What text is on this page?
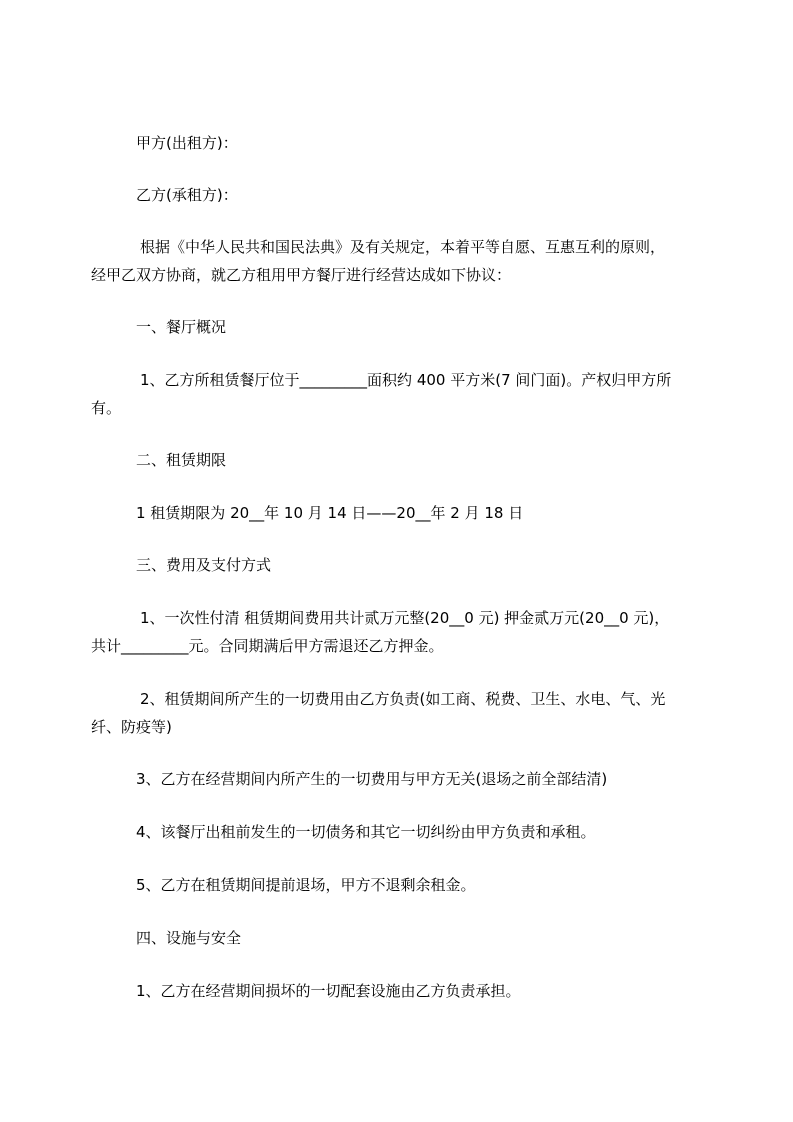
甲方(出租方)：

乙方(承租方)：

根据《中华人民共和国民法典》及有关规定，本着平等自愿、互惠互利的原则，

经甲乙双方协商，就乙方租用甲方餐厅进行经营达成如下协议：

一、餐厅概况

1、乙方所租赁餐厅位于_________面积约 400 平方米(7 间门面)。产权归甲方所

有。

二、租赁期限

1 租赁期限为 20__年 10 月 14 日——20__年 2 月 18 日

三、费用及支付方式

1、一次性付清 租赁期间费用共计贰万元整(20__0 元) 押金贰万元(20__0 元)，

共计_________元。合同期满后甲方需退还乙方押金。

2、租赁期间所产生的一切费用由乙方负责(如工商、税费、卫生、水电、气、光

纤、防疫等)

3、乙方在经营期间内所产生的一切费用与甲方无关(退场之前全部结清)

4、该餐厅出租前发生的一切债务和其它一切纠纷由甲方负责和承租。

5、乙方在租赁期间提前退场，甲方不退剩余租金。

四、设施与安全

1、乙方在经营期间损坏的一切配套设施由乙方负责承担。
